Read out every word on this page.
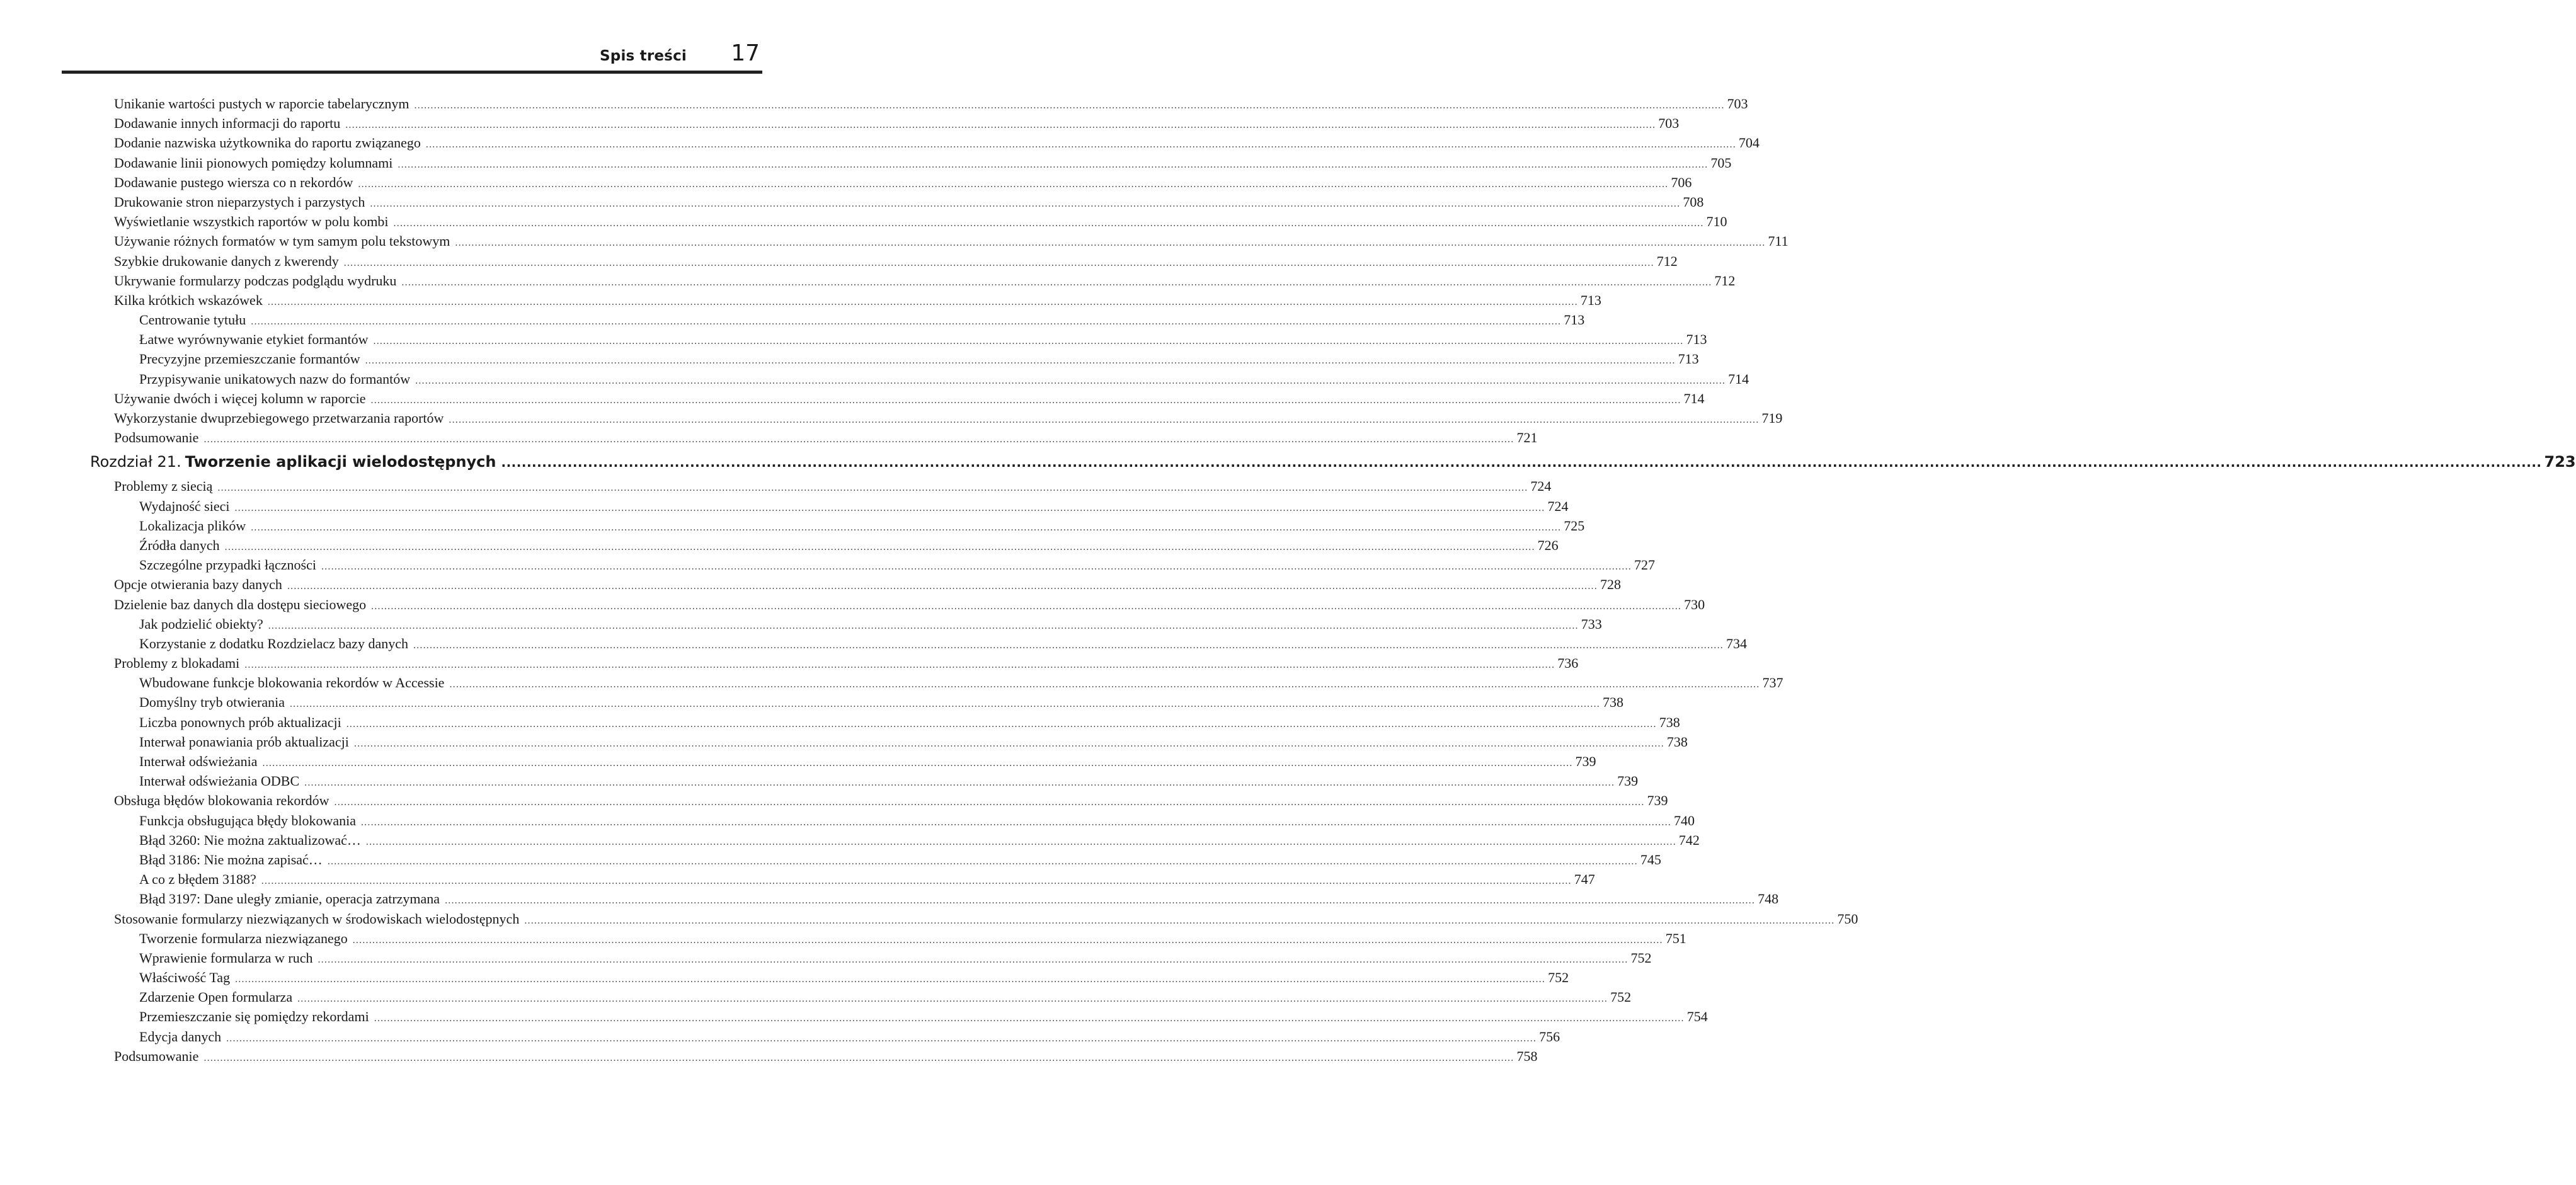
Spis treści 17
Unikanie wartości pustych w raporcie tabelarycznym ................................................................................................................................................................................................................................................................................................................................................................................................................ 703
Dodawanie innych informacji do raportu ................................................................................................................................................................................................................................................................................................................................................................................................................ 703
Dodanie nazwiska użytkownika do raportu związanego ................................................................................................................................................................................................................................................................................................................................................................................................................ 704
Dodawanie linii pionowych pomiędzy kolumnami ................................................................................................................................................................................................................................................................................................................................................................................................................ 705
Dodawanie pustego wiersza co n rekordów ................................................................................................................................................................................................................................................................................................................................................................................................................ 706
Drukowanie stron nieparzystych i parzystych ................................................................................................................................................................................................................................................................................................................................................................................................................ 708
Wyświetlanie wszystkich raportów w polu kombi ................................................................................................................................................................................................................................................................................................................................................................................................................ 710
Używanie różnych formatów w tym samym polu tekstowym ................................................................................................................................................................................................................................................................................................................................................................................................................ 711
Szybkie drukowanie danych z kwerendy ................................................................................................................................................................................................................................................................................................................................................................................................................ 712
Ukrywanie formularzy podczas podglądu wydruku ................................................................................................................................................................................................................................................................................................................................................................................................................ 712
Kilka krótkich wskazówek ................................................................................................................................................................................................................................................................................................................................................................................................................ 713
Centrowanie tytułu ................................................................................................................................................................................................................................................................................................................................................................................................................ 713
Łatwe wyrównywanie etykiet formantów ................................................................................................................................................................................................................................................................................................................................................................................................................ 713
Precyzyjne przemieszczanie formantów ................................................................................................................................................................................................................................................................................................................................................................................................................ 713
Przypisywanie unikatowych nazw do formantów ................................................................................................................................................................................................................................................................................................................................................................................................................ 714
Używanie dwóch i więcej kolumn w raporcie ................................................................................................................................................................................................................................................................................................................................................................................................................ 714
Wykorzystanie dwuprzebiegowego przetwarzania raportów ................................................................................................................................................................................................................................................................................................................................................................................................................ 719
Podsumowanie ................................................................................................................................................................................................................................................................................................................................................................................................................ 721
Rozdział 21. Tworzenie aplikacji wielodostępnych ................................................................................................................................................................................................................................................................................................................................................................................................................ 723
Problemy z siecią ................................................................................................................................................................................................................................................................................................................................................................................................................ 724
Wydajność sieci ................................................................................................................................................................................................................................................................................................................................................................................................................ 724
Lokalizacja plików ................................................................................................................................................................................................................................................................................................................................................................................................................ 725
Źródła danych ................................................................................................................................................................................................................................................................................................................................................................................................................ 726
Szczególne przypadki łączności ................................................................................................................................................................................................................................................................................................................................................................................................................ 727
Opcje otwierania bazy danych ................................................................................................................................................................................................................................................................................................................................................................................................................ 728
Dzielenie baz danych dla dostępu sieciowego ................................................................................................................................................................................................................................................................................................................................................................................................................ 730
Jak podzielić obiekty? ................................................................................................................................................................................................................................................................................................................................................................................................................ 733
Korzystanie z dodatku Rozdzielacz bazy danych ................................................................................................................................................................................................................................................................................................................................................................................................................ 734
Problemy z blokadami ................................................................................................................................................................................................................................................................................................................................................................................................................ 736
Wbudowane funkcje blokowania rekordów w Accessie ................................................................................................................................................................................................................................................................................................................................................................................................................ 737
Domyślny tryb otwierania ................................................................................................................................................................................................................................................................................................................................................................................................................ 738
Liczba ponownych prób aktualizacji ................................................................................................................................................................................................................................................................................................................................................................................................................ 738
Interwał ponawiania prób aktualizacji ................................................................................................................................................................................................................................................................................................................................................................................................................ 738
Interwał odświeżania ................................................................................................................................................................................................................................................................................................................................................................................................................ 739
Interwał odświeżania ODBC ................................................................................................................................................................................................................................................................................................................................................................................................................ 739
Obsługa błędów blokowania rekordów ................................................................................................................................................................................................................................................................................................................................................................................................................ 739
Funkcja obsługująca błędy blokowania ................................................................................................................................................................................................................................................................................................................................................................................................................ 740
Błąd 3260: Nie można zaktualizować… ................................................................................................................................................................................................................................................................................................................................................................................................................ 742
Błąd 3186: Nie można zapisać… ................................................................................................................................................................................................................................................................................................................................................................................................................ 745
A co z błędem 3188? ................................................................................................................................................................................................................................................................................................................................................................................................................ 747
Błąd 3197: Dane uległy zmianie, operacja zatrzymana ................................................................................................................................................................................................................................................................................................................................................................................................................ 748
Stosowanie formularzy niezwiązanych w środowiskach wielodostępnych ................................................................................................................................................................................................................................................................................................................................................................................................................ 750
Tworzenie formularza niezwiązanego ................................................................................................................................................................................................................................................................................................................................................................................................................ 751
Wprawienie formularza w ruch ................................................................................................................................................................................................................................................................................................................................................................................................................ 752
Właściwość Tag ................................................................................................................................................................................................................................................................................................................................................................................................................ 752
Zdarzenie Open formularza ................................................................................................................................................................................................................................................................................................................................................................................................................ 752
Przemieszczanie się pomiędzy rekordami ................................................................................................................................................................................................................................................................................................................................................................................................................ 754
Edycja danych ................................................................................................................................................................................................................................................................................................................................................................................................................ 756
Podsumowanie ................................................................................................................................................................................................................................................................................................................................................................................................................ 758
